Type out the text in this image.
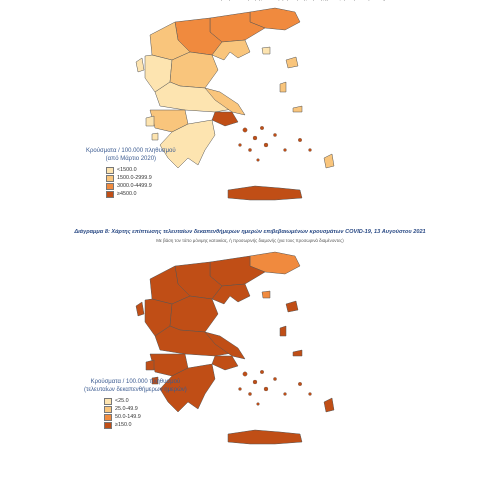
Κρούσματα / 100.000 πληθυσμού
(από Μάρτιο 2020)
<1500.0
1500.0-2999.9
3000.0-4499.9
≥4500.0
Διάγραμμα 8: Χάρτης επίπτωσης τελευταίων δεκαπενθήμερων ημερών επιβεβαιωμένων κρουσμάτων COVID-19, 13 Αυγούστου 2021
Με βάση τον τόπο μόνιμης κατοικίας, ή προσωρινής διαμονής (για τους προσωρινά διαμένοντες)
Κρούσματα / 100.000 πληθυσμού
(τελευταίων δεκαπενθήμερων ημερών)
<25.0
25.0-49.9
50.0-149.9
≥150.0
